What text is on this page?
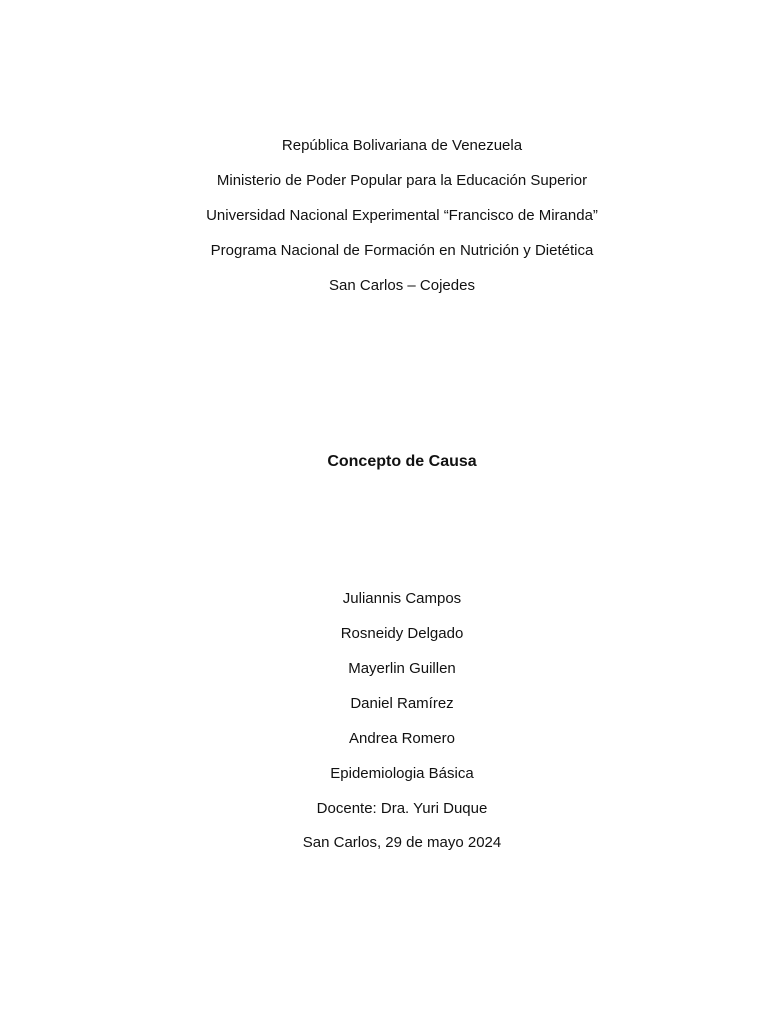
República Bolivariana de Venezuela
Ministerio de Poder Popular para la Educación Superior
Universidad Nacional Experimental “Francisco de Miranda”
Programa Nacional de Formación en Nutrición y Dietética
San Carlos – Cojedes
Concepto de Causa
Juliannis Campos
Rosneidy Delgado
Mayerlin Guillen
Daniel Ramírez
Andrea Romero
Epidemiologia Básica
Docente: Dra. Yuri Duque
San Carlos, 29 de mayo 2024
